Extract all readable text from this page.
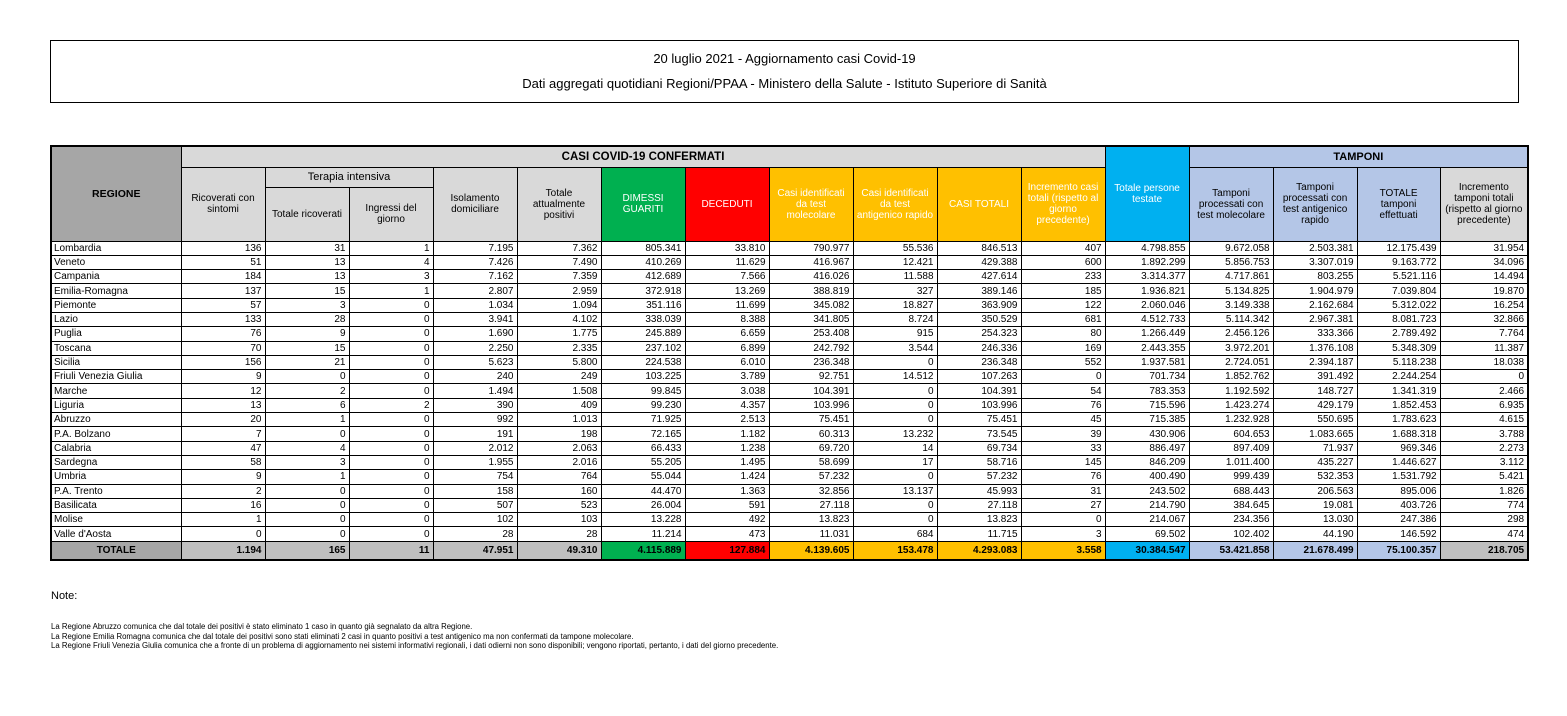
20 luglio 2021 - Aggiornamento casi Covid-19

Dati aggregati quotidiani Regioni/PPAA - Ministero della Salute - Istituto Superiore di Sanità

REGIONE	CASI COVID-19 CONFERMATI											Totale persone testate	TAMPONI			
	Ricoverati con sintomi	Terapia intensiva		Isolamento domiciliare	Totale attualmente positivi	DIMESSI GUARITI	DECEDUTI	Casi identificati da test molecolare	Casi identificati da test antigenico rapido	CASI TOTALI	Incremento casi totali (rispetto al giorno precedente)		Tamponi processati con test molecolare	Tamponi processati con test antigenico rapido	TOTALE tamponi effettuati	Incremento tamponi totali (rispetto al giorno precedente)
		Totale ricoverati	Ingressi del giorno													
Lombardia	136	31	1	7.195	7.362	805.341	33.810	790.977	55.536	846.513	407	4.798.855	9.672.058	2.503.381	12.175.439	31.954
Veneto	51	13	4	7.426	7.490	410.269	11.629	416.967	12.421	429.388	600	1.892.299	5.856.753	3.307.019	9.163.772	34.096
Campania	184	13	3	7.162	7.359	412.689	7.566	416.026	11.588	427.614	233	3.314.377	4.717.861	803.255	5.521.116	14.494
Emilia-Romagna	137	15	1	2.807	2.959	372.918	13.269	388.819	327	389.146	185	1.936.821	5.134.825	1.904.979	7.039.804	19.870
Piemonte	57	3	0	1.034	1.094	351.116	11.699	345.082	18.827	363.909	122	2.060.046	3.149.338	2.162.684	5.312.022	16.254
Lazio	133	28	0	3.941	4.102	338.039	8.388	341.805	8.724	350.529	681	4.512.733	5.114.342	2.967.381	8.081.723	32.866
Puglia	76	9	0	1.690	1.775	245.889	6.659	253.408	915	254.323	80	1.266.449	2.456.126	333.366	2.789.492	7.764
Toscana	70	15	0	2.250	2.335	237.102	6.899	242.792	3.544	246.336	169	2.443.355	3.972.201	1.376.108	5.348.309	11.387
Sicilia	156	21	0	5.623	5.800	224.538	6.010	236.348	0	236.348	552	1.937.581	2.724.051	2.394.187	5.118.238	18.038
Friuli Venezia Giulia	9	0	0	240	249	103.225	3.789	92.751	14.512	107.263	0	701.734	1.852.762	391.492	2.244.254	0
Marche	12	2	0	1.494	1.508	99.845	3.038	104.391	0	104.391	54	783.353	1.192.592	148.727	1.341.319	2.466
Liguria	13	6	2	390	409	99.230	4.357	103.996	0	103.996	76	715.596	1.423.274	429.179	1.852.453	6.935
Abruzzo	20	1	0	992	1.013	71.925	2.513	75.451	0	75.451	45	715.385	1.232.928	550.695	1.783.623	4.615
P.A. Bolzano	7	0	0	191	198	72.165	1.182	60.313	13.232	73.545	39	430.906	604.653	1.083.665	1.688.318	3.788
Calabria	47	4	0	2.012	2.063	66.433	1.238	69.720	14	69.734	33	886.497	897.409	71.937	969.346	2.273
Sardegna	58	3	0	1.955	2.016	55.205	1.495	58.699	17	58.716	145	846.209	1.011.400	435.227	1.446.627	3.112
Umbria	9	1	0	754	764	55.044	1.424	57.232	0	57.232	76	400.490	999.439	532.353	1.531.792	5.421
P.A. Trento	2	0	0	158	160	44.470	1.363	32.856	13.137	45.993	31	243.502	688.443	206.563	895.006	1.826
Basilicata	16	0	0	507	523	26.004	591	27.118	0	27.118	27	214.790	384.645	19.081	403.726	774
Molise	1	0	0	102	103	13.228	492	13.823	0	13.823	0	214.067	234.356	13.030	247.386	298
Valle d'Aosta	0	0	0	28	28	11.214	473	11.031	684	11.715	3	69.502	102.402	44.190	146.592	474
TOTALE	1.194	165	11	47.951	49.310	4.115.889	127.884	4.139.605	153.478	4.293.083	3.558	30.384.547	53.421.858	21.678.499	75.100.357	218.705

Note:

La Regione Abruzzo comunica che dal totale dei positivi è stato eliminato 1 caso in quanto già segnalato da altra Regione.

La Regione Emilia Romagna comunica che dal totale dei positivi sono stati eliminati 2 casi in quanto positivi a test antigenico ma non confermati da tampone molecolare.

La Regione Friuli Venezia Giulia comunica che a fronte di un problema di aggiornamento nei sistemi informativi regionali, i dati odierni non sono disponibili; vengono riportati, pertanto, i dati del giorno precedente.
